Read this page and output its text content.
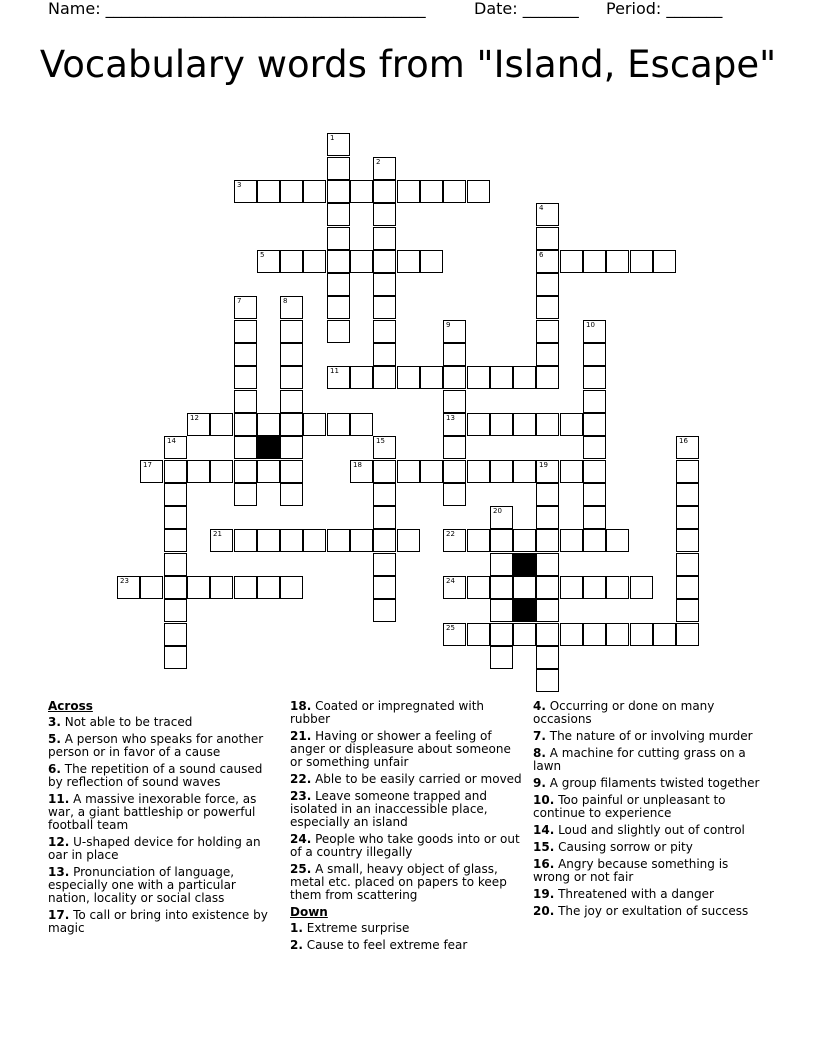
Name: ________________________________________	Date: _______ Period: _______
Vocabulary words from "Island, Escape"
3
5	6
11
12	13
17	18	19
21	22
23	24
25
1
2
4
7	8
9	10
14	15	16
20
Across
3. Not able to be traced
5. A person who speaks for another person or in favor of a cause
6. The repetition of a sound caused by reflection of sound waves
11. A massive inexorable force, as war, a giant battleship or powerful football team
12. U-shaped device for holding an oar in place
13. Pronunciation of language, especially one with a particular nation, locality or social class
17. To call or bring into existence by magic
18. Coated or impregnated with rubber
21. Having or shower a feeling of anger or displeasure about someone or something unfair
22. Able to be easily carried or moved
23. Leave someone trapped and isolated in an inaccessible place, especially an island
24. People who take goods into or out of a country illegally
25. A small, heavy object of glass, metal etc. placed on papers to keep them from scattering
Down
1. Extreme surprise
2. Cause to feel extreme fear
4. Occurring or done on many occasions
7. The nature of or involving murder
8. A machine for cutting grass on a lawn
9. A group filaments twisted together
10. Too painful or unpleasant to continue to experience
14. Loud and slightly out of control
15. Causing sorrow or pity
16. Angry because something is wrong or not fair
19. Threatened with a danger
20. The joy or exultation of success
